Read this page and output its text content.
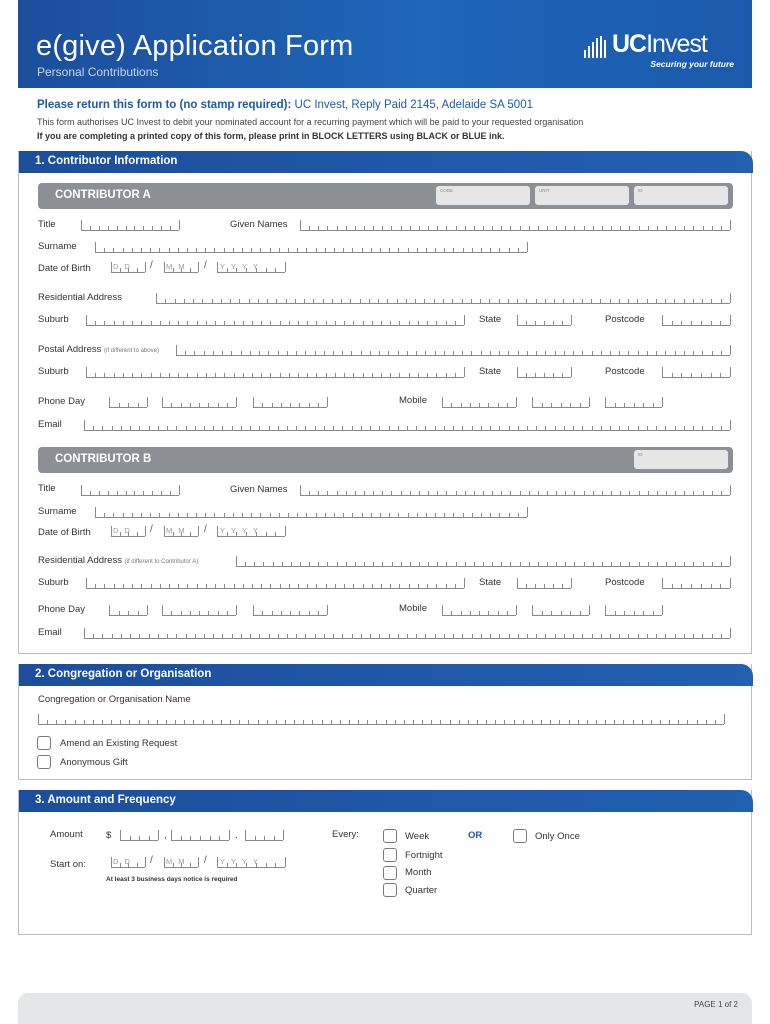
e(give) Application Form
Personal Contributions
UCInvest
Securing your future
Please return this form to (no stamp required): UC Invest, Reply Paid 2145, Adelaide SA 5001
This form authorises UC Invest to debit your nominated account for a recurring payment which will be paid to your requested organisation
If you are completing a printed copy of this form, please print in BLOCK LETTERS using BLACK or BLUE ink.
1. Contributor Information
CONTRIBUTOR A	CODE	UNIT	ID
Title	Given Names
Surname
Date of Birth	DD / MM / YYYY
Residential Address
Suburb	State	Postcode
Postal Address (if different to above)
Suburb	State	Postcode
Phone Day	Mobile
Email
CONTRIBUTOR B	ID
Title	Given Names
Surname
Date of Birth	DD / MM / YYYY
Residential Address (if different to Contributor A)
Suburb	State	Postcode
Phone Day	Mobile
Email
2. Congregation or Organisation
Congregation or Organisation Name
Amend an Existing Request
Anonymous Gift
3. Amount and Frequency
Amount $	,	.
Start on:	DD / MM / YYYY
At least 3 business days notice is required
Every:	Week
Fortnight
Month
Quarter
OR	Only Once
PAGE 1 of 2
